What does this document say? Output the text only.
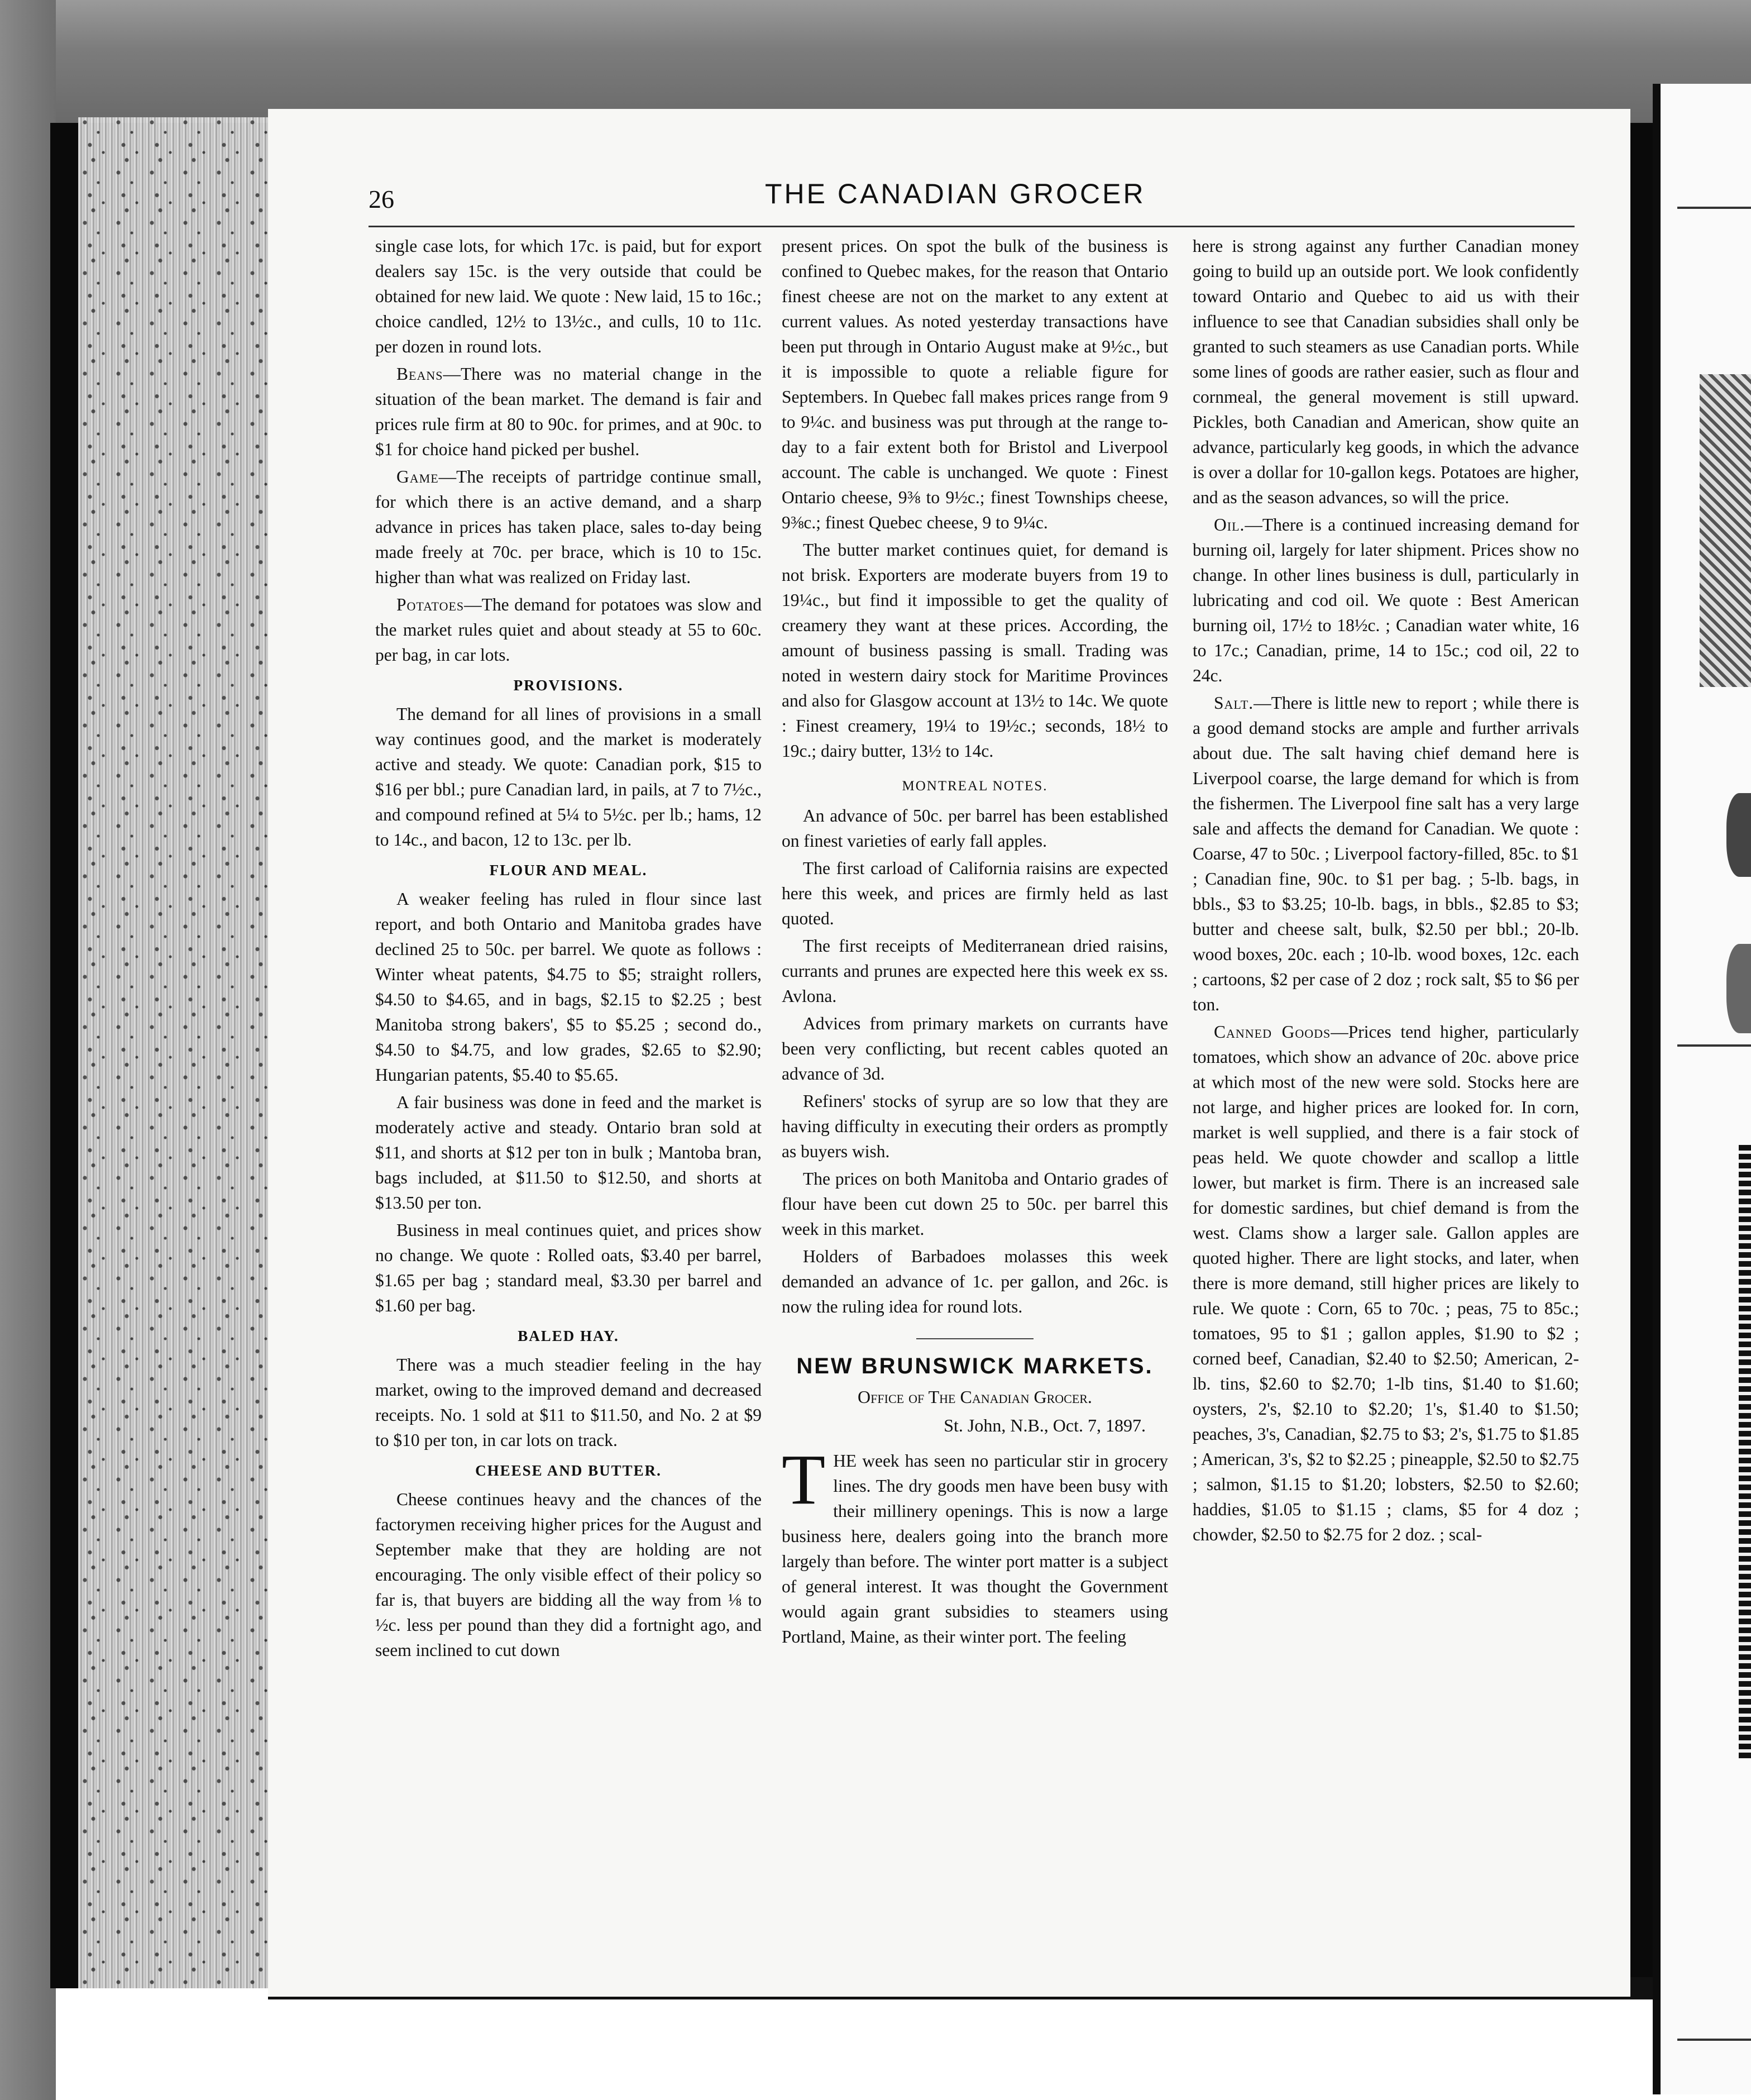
26	THE CANADIAN GROCER

single case lots, for which 17c. is paid, but for export dealers say 15c. is the very outside that could be obtained for new laid. We quote : New laid, 15 to 16c.; choice candled, 12½ to 13½c., and culls, 10 to 11c. per dozen in round lots.

Beans—There was no material change in the situation of the bean market. The demand is fair and prices rule firm at 80 to 90c. for primes, and at 90c. to $1 for choice hand picked per bushel.

Game—The receipts of partridge continue small, for which there is an active demand, and a sharp advance in prices has taken place, sales to-day being made freely at 70c. per brace, which is 10 to 15c. higher than what was realized on Friday last.

Potatoes—The demand for potatoes was slow and the market rules quiet and about steady at 55 to 60c. per bag, in car lots.

PROVISIONS.

The demand for all lines of provisions in a small way continues good, and the market is moderately active and steady. We quote: Canadian pork, $15 to $16 per bbl.; pure Canadian lard, in pails, at 7 to 7½c., and compound refined at 5¼ to 5½c. per lb.; hams, 12 to 14c., and bacon, 12 to 13c. per lb.

FLOUR AND MEAL.

A weaker feeling has ruled in flour since last report, and both Ontario and Manitoba grades have declined 25 to 50c. per barrel. We quote as follows : Winter wheat patents, $4.75 to $5; straight rollers, $4.50 to $4.65, and in bags, $2.15 to $2.25 ; best Manitoba strong bakers', $5 to $5.25 ; second do., $4.50 to $4.75, and low grades, $2.65 to $2.90; Hungarian patents, $5.40 to $5.65.

A fair business was done in feed and the market is moderately active and steady. Ontario bran sold at $11, and shorts at $12 per ton in bulk ; Mantoba bran, bags included, at $11.50 to $12.50, and shorts at $13.50 per ton.

Business in meal continues quiet, and prices show no change. We quote : Rolled oats, $3.40 per barrel, $1.65 per bag ; standard meal, $3.30 per barrel and $1.60 per bag.

BALED HAY.

There was a much steadier feeling in the hay market, owing to the improved demand and decreased receipts. No. 1 sold at $11 to $11.50, and No. 2 at $9 to $10 per ton, in car lots on track.

CHEESE AND BUTTER.

Cheese continues heavy and the chances of the factorymen receiving higher prices for the August and September make that they are holding are not encouraging. The only visible effect of their policy so far is, that buyers are bidding all the way from ⅛ to ½c. less per pound than they did a fortnight ago, and seem inclined to cut down

present prices. On spot the bulk of the business is confined to Quebec makes, for the reason that Ontario finest cheese are not on the market to any extent at current values. As noted yesterday transactions have been put through in Ontario August make at 9½c., but it is impossible to quote a reliable figure for Septembers. In Quebec fall makes prices range from 9 to 9¼c. and business was put through at the range to-day to a fair extent both for Bristol and Liverpool account. The cable is unchanged. We quote : Finest Ontario cheese, 9⅜ to 9½c.; finest Townships cheese, 9⅜c.; finest Quebec cheese, 9 to 9¼c.

The butter market continues quiet, for demand is not brisk. Exporters are moderate buyers from 19 to 19¼c., but find it impossible to get the quality of creamery they want at these prices. According, the amount of business passing is small. Trading was noted in western dairy stock for Maritime Provinces and also for Glasgow account at 13½ to 14c. We quote : Finest creamery, 19¼ to 19½c.; seconds, 18½ to 19c.; dairy butter, 13½ to 14c.

MONTREAL NOTES.

An advance of 50c. per barrel has been established on finest varieties of early fall apples.

The first carload of California raisins are expected here this week, and prices are firmly held as last quoted.

The first receipts of Mediterranean dried raisins, currants and prunes are expected here this week ex ss. Avlona.

Advices from primary markets on currants have been very conflicting, but recent cables quoted an advance of 3d.

Refiners' stocks of syrup are so low that they are having difficulty in executing their orders as promptly as buyers wish.

The prices on both Manitoba and Ontario grades of flour have been cut down 25 to 50c. per barrel this week in this market.

Holders of Barbadoes molasses this week demanded an advance of 1c. per gallon, and 26c. is now the ruling idea for round lots.

NEW BRUNSWICK MARKETS.
Office of The Canadian Grocer.
St. John, N.B., Oct. 7, 1897.

THE week has seen no particular stir in grocery lines. The dry goods men have been busy with their millinery openings. This is now a large business here, dealers going into the branch more largely than before. The winter port matter is a subject of general interest. It was thought the Government would again grant subsidies to steamers using Portland, Maine, as their winter port. The feeling

here is strong against any further Canadian money going to build up an outside port. We look confidently toward Ontario and Quebec to aid us with their influence to see that Canadian subsidies shall only be granted to such steamers as use Canadian ports. While some lines of goods are rather easier, such as flour and cornmeal, the general movement is still upward. Pickles, both Canadian and American, show quite an advance, particularly keg goods, in which the advance is over a dollar for 10-gallon kegs. Potatoes are higher, and as the season advances, so will the price.

Oil.—There is a continued increasing demand for burning oil, largely for later shipment. Prices show no change. In other lines business is dull, particularly in lubricating and cod oil. We quote : Best American burning oil, 17½ to 18½c. ; Canadian water white, 16 to 17c.; Canadian, prime, 14 to 15c.; cod oil, 22 to 24c.

Salt.—There is little new to report ; while there is a good demand stocks are ample and further arrivals about due. The salt having chief demand here is Liverpool coarse, the large demand for which is from the fishermen. The Liverpool fine salt has a very large sale and affects the demand for Canadian. We quote : Coarse, 47 to 50c. ; Liverpool factory-filled, 85c. to $1 ; Canadian fine, 90c. to $1 per bag. ; 5-lb. bags, in bbls., $3 to $3.25; 10-lb. bags, in bbls., $2.85 to $3; butter and cheese salt, bulk, $2.50 per bbl.; 20-lb. wood boxes, 20c. each ; 10-lb. wood boxes, 12c. each ; cartoons, $2 per case of 2 doz ; rock salt, $5 to $6 per ton.

Canned Goods—Prices tend higher, particularly tomatoes, which show an advance of 20c. above price at which most of the new were sold. Stocks here are not large, and higher prices are looked for. In corn, market is well supplied, and there is a fair stock of peas held. We quote chowder and scallop a little lower, but market is firm. There is an increased sale for domestic sardines, but chief demand is from the west. Clams show a larger sale. Gallon apples are quoted higher. There are light stocks, and later, when there is more demand, still higher prices are likely to rule. We quote : Corn, 65 to 70c. ; peas, 75 to 85c.; tomatoes, 95 to $1 ; gallon apples, $1.90 to $2 ; corned beef, Canadian, $2.40 to $2.50; American, 2-lb. tins, $2.60 to $2.70; 1-lb tins, $1.40 to $1.60; oysters, 2's, $2.10 to $2.20; 1's, $1.40 to $1.50; peaches, 3's, Canadian, $2.75 to $3; 2's, $1.75 to $1.85 ; American, 3's, $2 to $2.25 ; pineapple, $2.50 to $2.75 ; salmon, $1.15 to $1.20; lobsters, $2.50 to $2.60; haddies, $1.05 to $1.15 ; clams, $5 for 4 doz ; chowder, $2.50 to $2.75 for 2 doz. ; scal-
